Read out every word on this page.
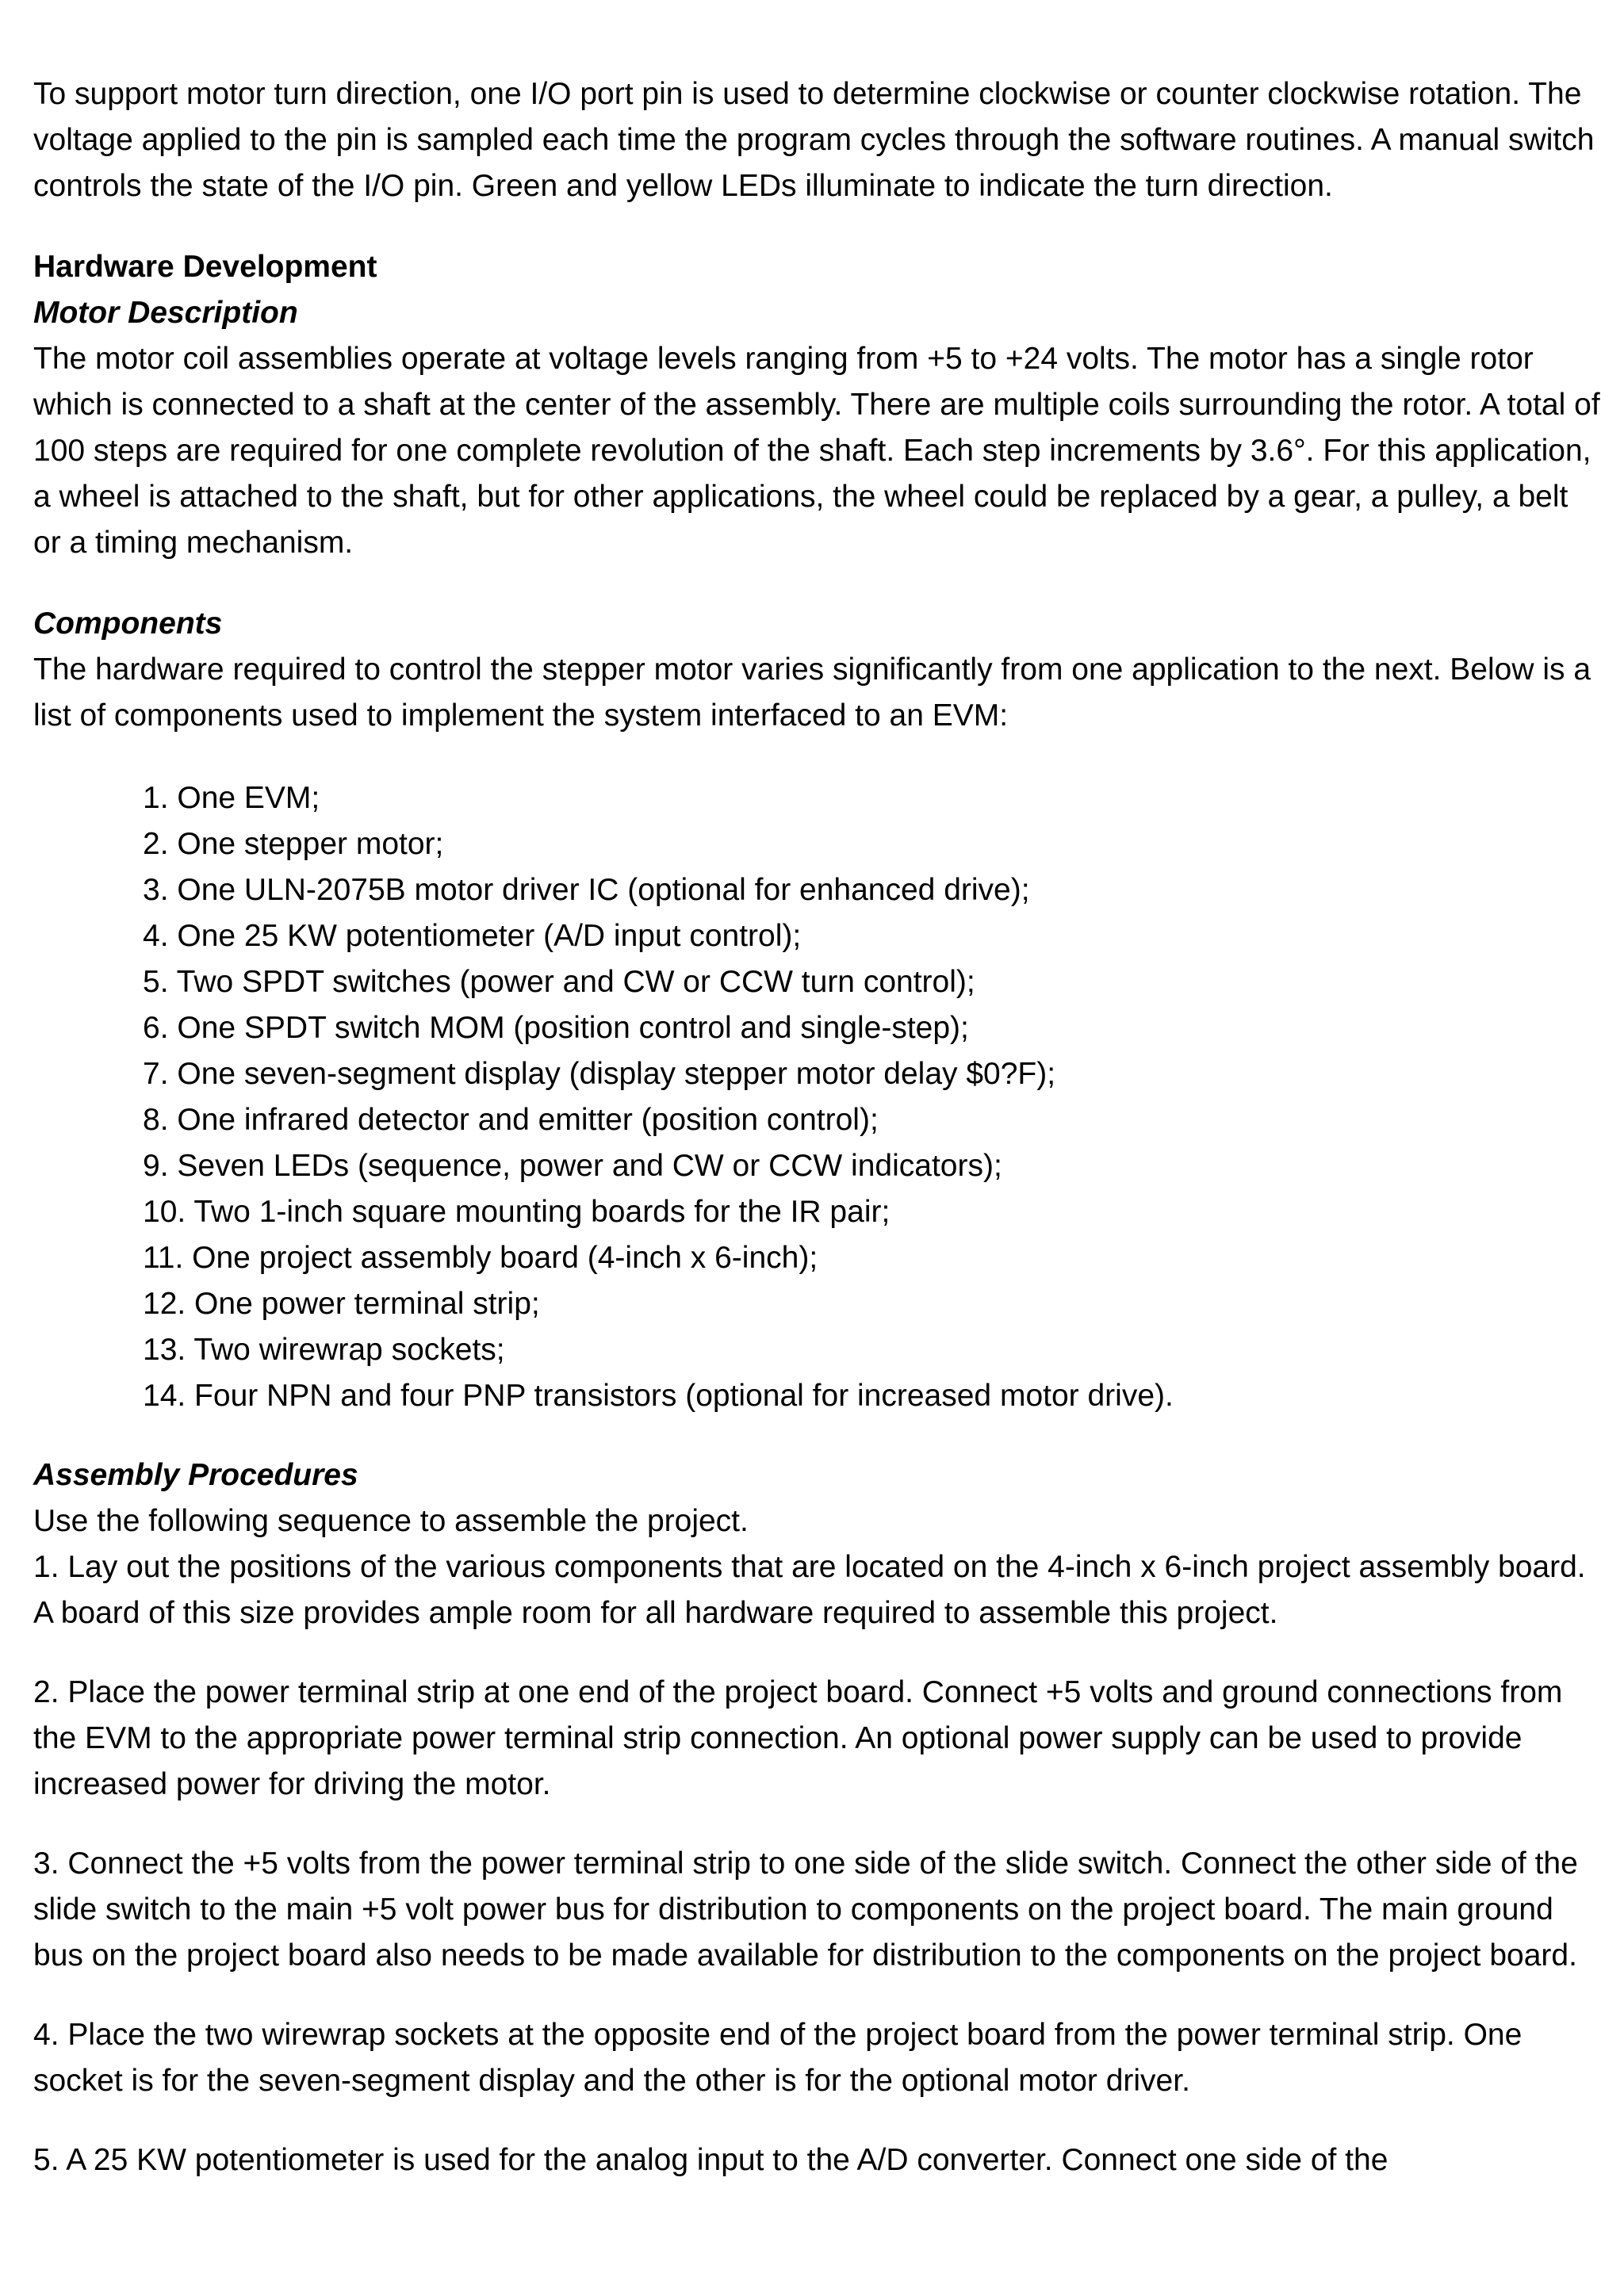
To support motor turn direction, one I/O port pin is used to determine clockwise or counter clockwise rotation. The voltage applied to the pin is sampled each time the program cycles through the software routines. A manual switch controls the state of the I/O pin. Green and yellow LEDs illuminate to indicate the turn direction.

Hardware Development

Motor Description

The motor coil assemblies operate at voltage levels ranging from +5 to +24 volts. The motor has a single rotor which is connected to a shaft at the center of the assembly. There are multiple coils surrounding the rotor. A total of 100 steps are required for one complete revolution of the shaft. Each step increments by 3.6°. For this application, a wheel is attached to the shaft, but for other applications, the wheel could be replaced by a gear, a pulley, a belt or a timing mechanism.

Components

The hardware required to control the stepper motor varies significantly from one application to the next. Below is a list of components used to implement the system interfaced to an EVM:

1. One EVM;
2. One stepper motor;
3. One ULN-2075B motor driver IC (optional for enhanced drive);
4. One 25 KW potentiometer (A/D input control);
5. Two SPDT switches (power and CW or CCW turn control);
6. One SPDT switch MOM (position control and single-step);
7. One seven-segment display (display stepper motor delay $0?F);
8. One infrared detector and emitter (position control);
9. Seven LEDs (sequence, power and CW or CCW indicators);
10. Two 1-inch square mounting boards for the IR pair;
11. One project assembly board (4-inch x 6-inch);
12. One power terminal strip;
13. Two wirewrap sockets;
14. Four NPN and four PNP transistors (optional for increased motor drive).

Assembly Procedures

Use the following sequence to assemble the project.

1. Lay out the positions of the various components that are located on the 4-inch x 6-inch project assembly board. A board of this size provides ample room for all hardware required to assemble this project.

2. Place the power terminal strip at one end of the project board. Connect +5 volts and ground connections from the EVM to the appropriate power terminal strip connection. An optional power supply can be used to provide increased power for driving the motor.

3. Connect the +5 volts from the power terminal strip to one side of the slide switch. Connect the other side of the slide switch to the main +5 volt power bus for distribution to components on the project board. The main ground bus on the project board also needs to be made available for distribution to the components on the project board.

4. Place the two wirewrap sockets at the opposite end of the project board from the power terminal strip. One socket is for the seven-segment display and the other is for the optional motor driver.

5. A 25 KW potentiometer is used for the analog input to the A/D converter. Connect one side of the
